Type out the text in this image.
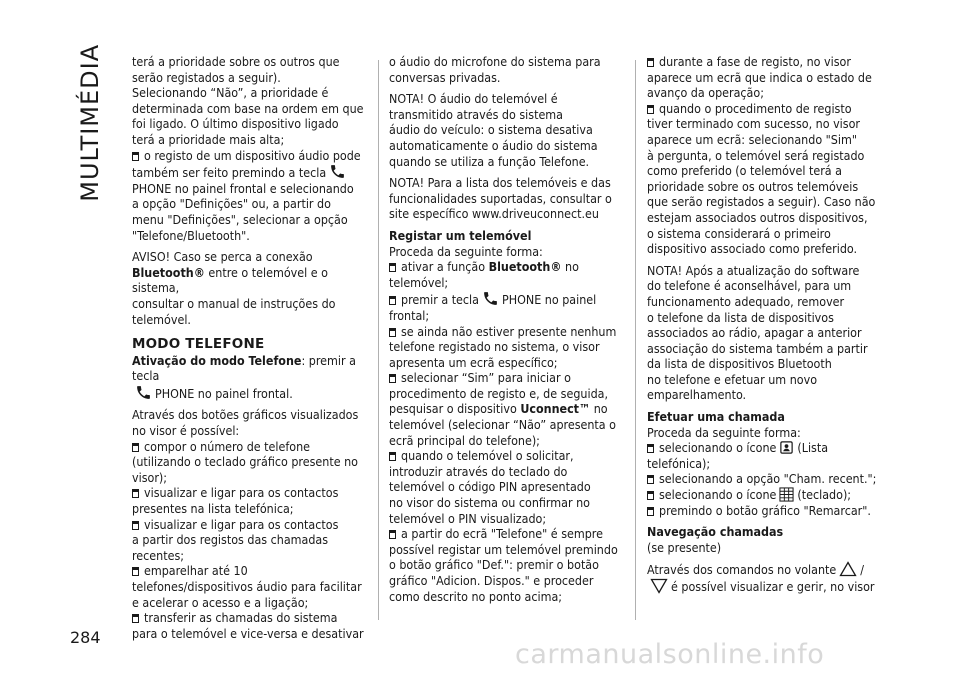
MULTIMÉDIA terá a prioridade sobre os outros que

serão registados a seguir).

Selecionando “Não”, a prioridade é

determinada com base na ordem em que

foi ligado. O último dispositivo ligado

terá a prioridade mais alta;

o registo de um dispositivo áudio pode

também ser feito premindo a tecla

PHONE no painel frontal e selecionando

a opção "Definições" ou, a partir do

menu "Definições", selecionar a opção

"Telefone/Bluetooth".

AVISO! Caso se perca a conexão

Bluetooth® entre o telemóvel e o sistema,

consultar o manual de instruções do

telemóvel.

MODO TELEFONE

Ativação do modo Telefone: premir a tecla

PHONE no painel frontal.

Através dos botões gráficos visualizados

no visor é possível:

compor o número de telefone

(utilizando o teclado gráfico presente no

visor);

visualizar e ligar para os contactos

presentes na lista telefónica;

visualizar e ligar para os contactos

a partir dos registos das chamadas

recentes;

emparelhar até 10

telefones/dispositivos áudio para facilitar

e acelerar o acesso e a ligação;

transferir as chamadas do sistema

para o telemóvel e vice-versa e desativar

o áudio do microfone do sistema para

conversas privadas.

NOTA! O áudio do telemóvel é

transmitido através do sistema

áudio do veículo: o sistema desativa

automaticamente o áudio do sistema

quando se utiliza a função Telefone.

NOTA! Para a lista dos telemóveis e das

funcionalidades suportadas, consultar o

site específico www.driveuconnect.eu

Registar um telemóvel

Proceda da seguinte forma:

ativar a função Bluetooth® no

telemóvel;

premir a tecla PHONE no painel

frontal;

se ainda não estiver presente nenhum

telefone registado no sistema, o visor

apresenta um ecrã específico;

selecionar “Sim” para iniciar o

procedimento de registo e, de seguida,

pesquisar o dispositivo Uconnect™ no

telemóvel (selecionar “Não” apresenta o

ecrã principal do telefone);

quando o telemóvel o solicitar,

introduzir através do teclado do

telemóvel o código PIN apresentado

no visor do sistema ou confirmar no

telemóvel o PIN visualizado;

a partir do ecrã "Telefone" é sempre

possível registar um telemóvel premindo

o botão gráfico "Def.": premir o botão

gráfico "Adicion. Dispos." e proceder

como descrito no ponto acima;

durante a fase de registo, no visor

aparece um ecrã que indica o estado de

avanço da operação;

quando o procedimento de registo

tiver terminado com sucesso, no visor

aparece um ecrã: selecionando "Sim"

à pergunta, o telemóvel será registado

como preferido (o telemóvel terá a

prioridade sobre os outros telemóveis

que serão registados a seguir). Caso não

estejam associados outros dispositivos,

o sistema considerará o primeiro

dispositivo associado como preferido.

NOTA! Após a atualização do software

do telefone é aconselhável, para um

funcionamento adequado, remover

o telefone da lista de dispositivos

associados ao rádio, apagar a anterior

associação do sistema também a partir

da lista de dispositivos Bluetooth

no telefone e efetuar um novo

emparelhamento.

Efetuar uma chamada

Proceda da seguinte forma:

selecionando o ícone (Lista

telefónica);

selecionando a opção "Cham. recent.";

selecionando o ícone (teclado);

premindo o botão gráfico "Remarcar".

Navegação chamadas

(se presente)

Através dos comandos no volante /

é possível visualizar e gerir, no visor

284
carmanualsonline.info
